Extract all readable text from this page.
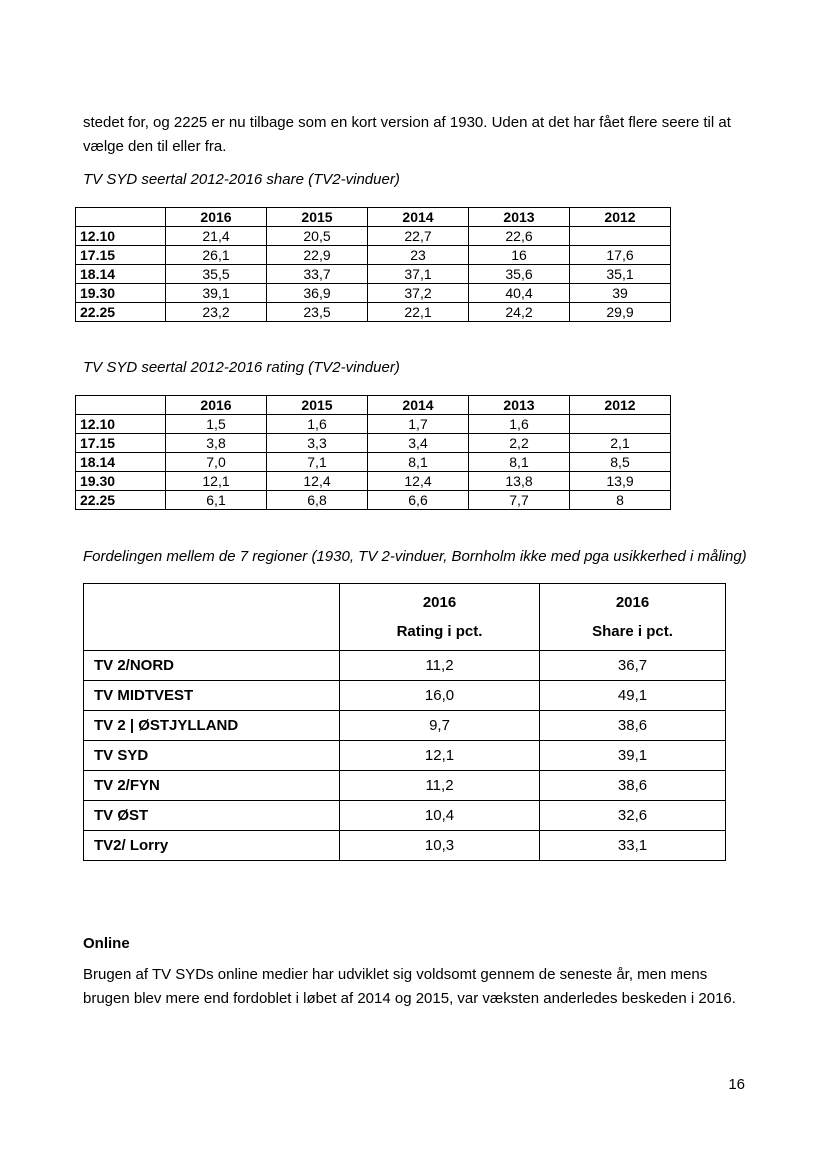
stedet for, og 2225 er nu tilbage som en kort version af 1930. Uden at det har fået flere seere til at vælge den til eller fra.

TV SYD seertal 2012-2016 share (TV2-vinduer)

	2016	2015	2014	2013	2012
12.10	21,4	20,5	22,7	22,6	
17.15	26,1	22,9	23	16	17,6
18.14	35,5	33,7	37,1	35,6	35,1
19.30	39,1	36,9	37,2	40,4	39
22.25	23,2	23,5	22,1	24,2	29,9

TV SYD seertal 2012-2016 rating (TV2-vinduer)

	2016	2015	2014	2013	2012
12.10	1,5	1,6	1,7	1,6	
17.15	3,8	3,3	3,4	2,2	2,1
18.14	7,0	7,1	8,1	8,1	8,5
19.30	12,1	12,4	12,4	13,8	13,9
22.25	6,1	6,8	6,6	7,7	8

Fordelingen mellem de 7 regioner (1930, TV 2-vinduer, Bornholm ikke med pga usikkerhed i måling)

2016
Rating i pct.

2016
Share i pct.

TV 2/NORD	11,2	36,7
TV MIDTVEST	16,0	49,1
TV 2 | ØSTJYLLAND	9,7	38,6
TV SYD	12,1	39,1
TV 2/FYN	11,2	38,6
TV ØST	10,4	32,6
TV2/ Lorry	10,3	33,1
Online

Brugen af TV SYDs online medier har udviklet sig voldsomt gennem de seneste år, men mens brugen blev mere end fordoblet i løbet af 2014 og 2015, var væksten anderledes beskeden i 2016.

16
